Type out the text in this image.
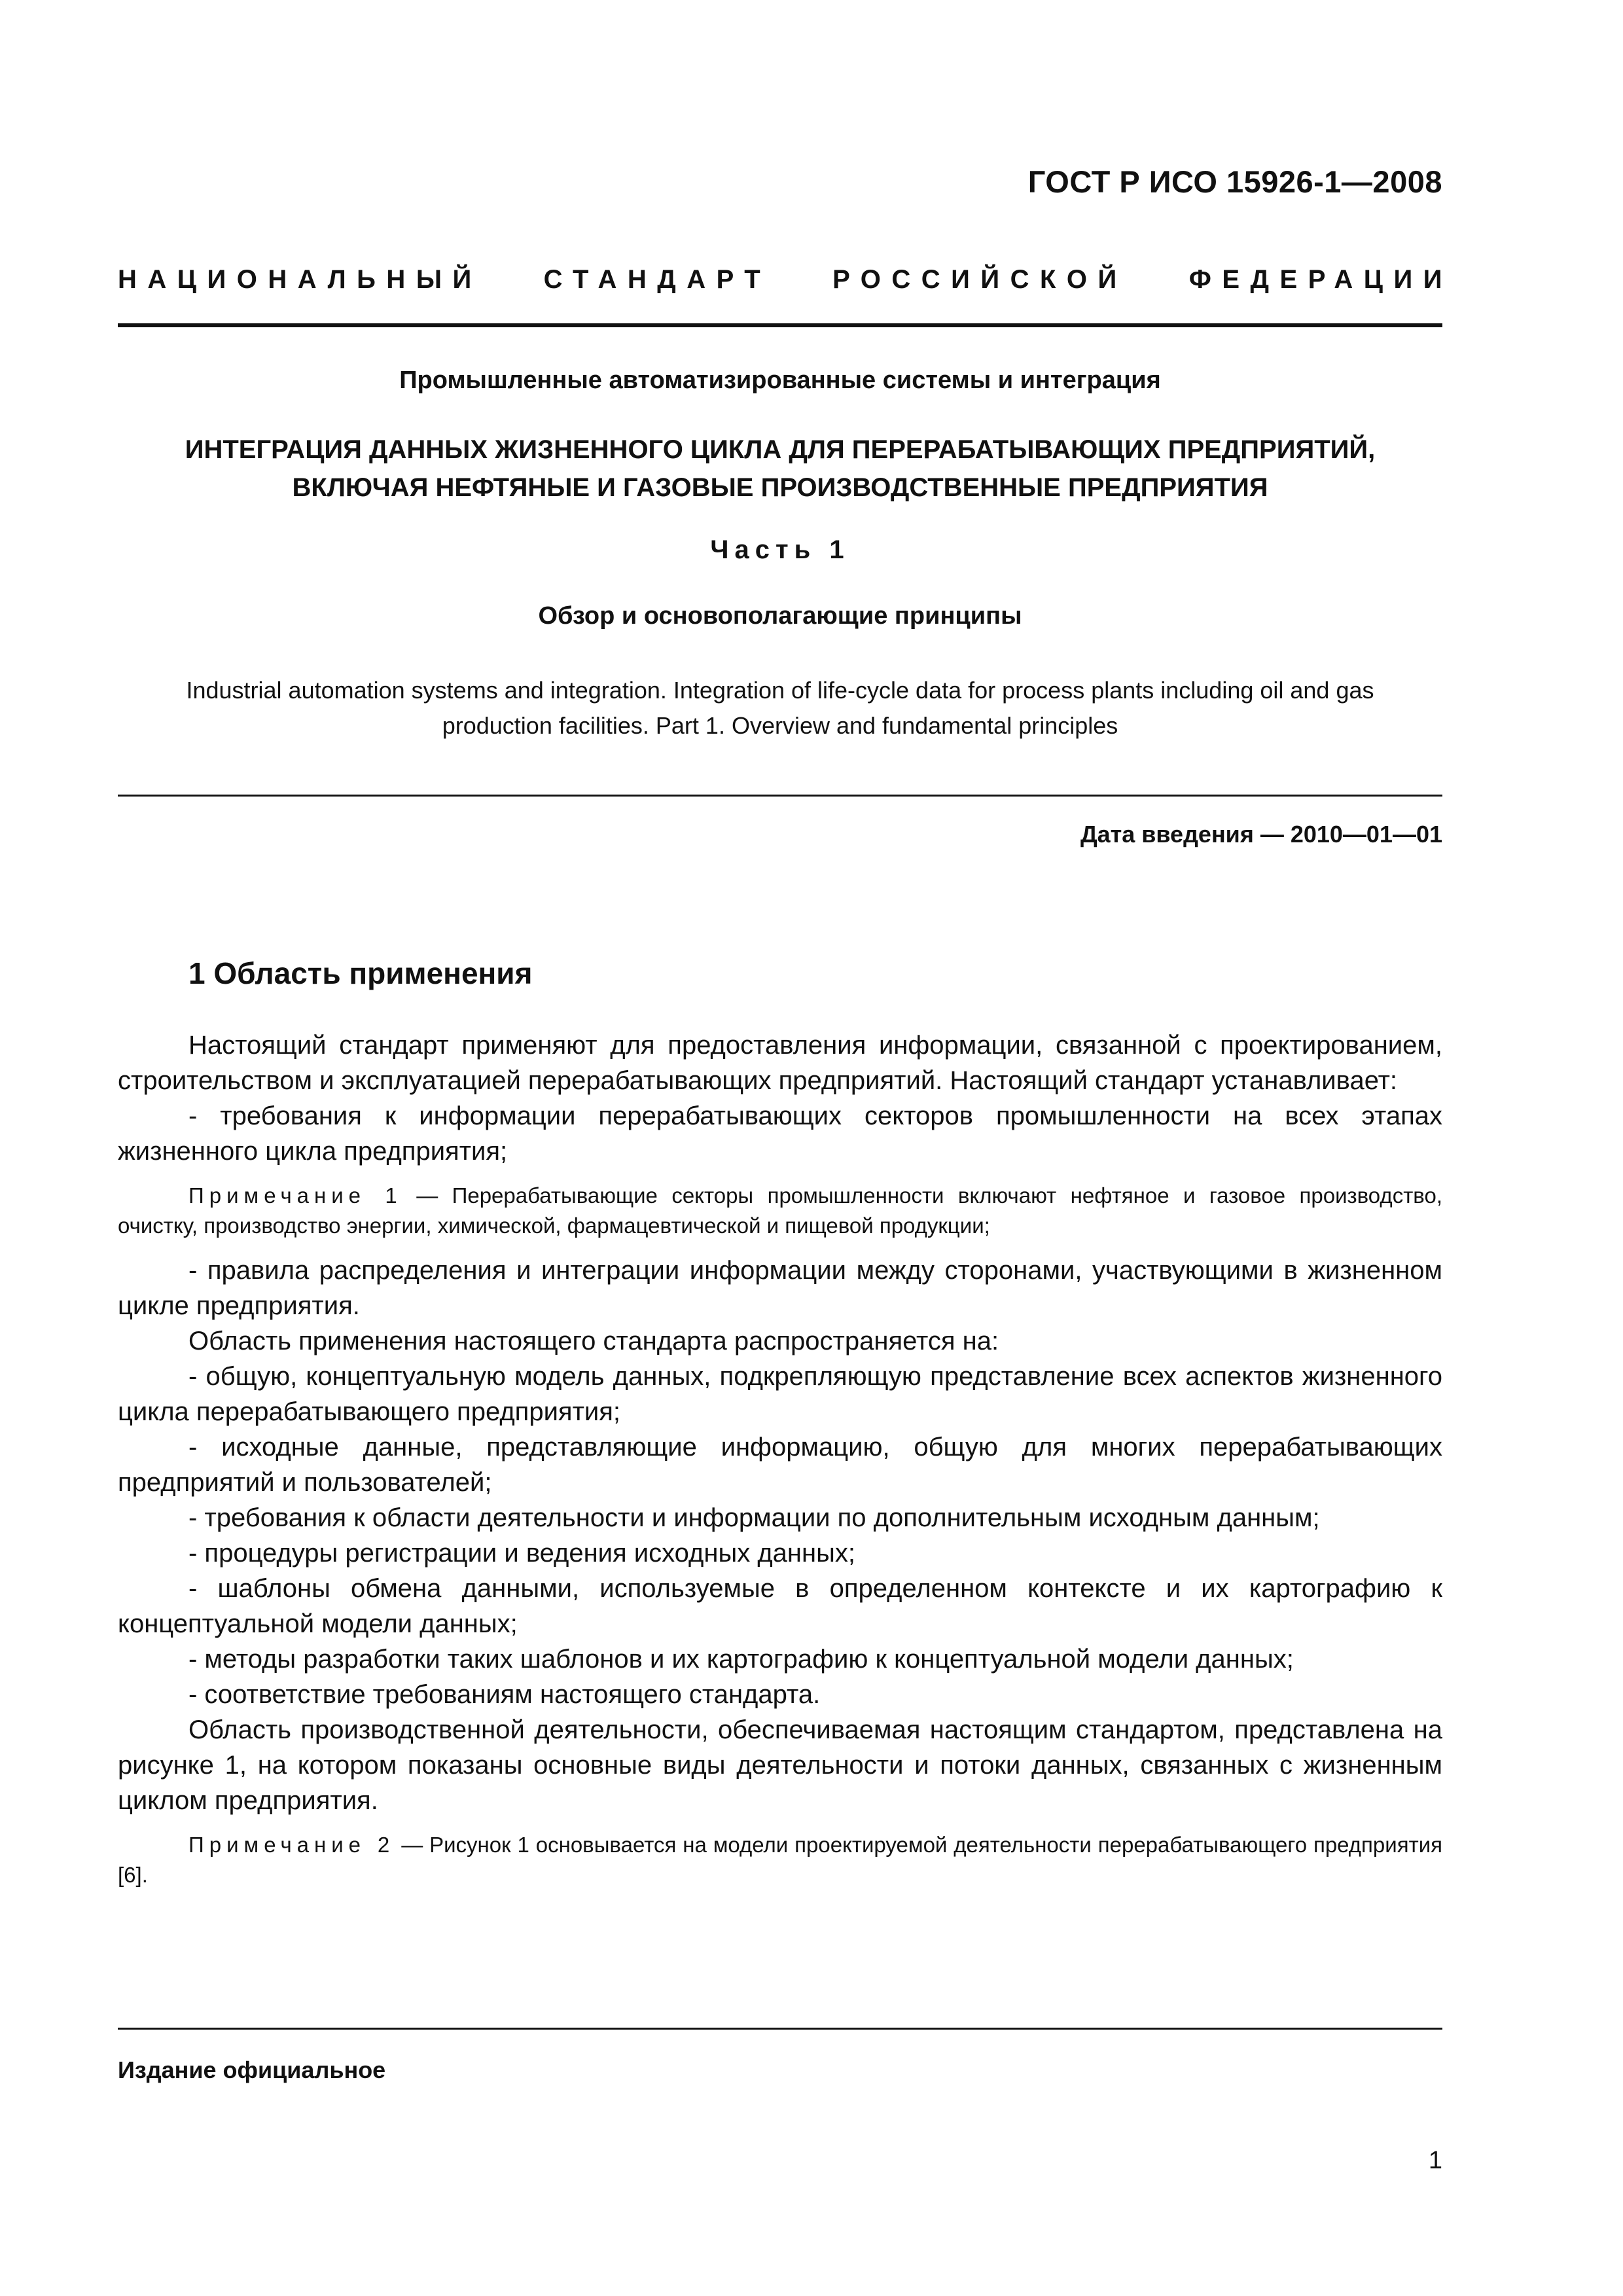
ГОСТ Р ИСО 15926-1—2008
НАЦИОНАЛЬНЫЙ СТАНДАРТ РОССИЙСКОЙ ФЕДЕРАЦИИ
Промышленные автоматизированные системы и интеграция
ИНТЕГРАЦИЯ ДАННЫХ ЖИЗНЕННОГО ЦИКЛА ДЛЯ ПЕРЕРАБАТЫВАЮЩИХ ПРЕДПРИЯТИЙ,
ВКЛЮЧАЯ НЕФТЯНЫЕ И ГАЗОВЫЕ ПРОИЗВОДСТВЕННЫЕ ПРЕДПРИЯТИЯ
Часть 1
Обзор и основополагающие принципы
Industrial automation systems and integration. Integration of life-cycle data for process plants including oil and gas
production facilities. Part 1. Overview and fundamental principles
Дата введения — 2010—01—01
1 Область применения

Настоящий стандарт применяют для предоставления информации, связанной с проектированием, строительством и эксплуатацией перерабатывающих предприятий. Настоящий стандарт устанавливает:

- требования к информации перерабатывающих секторов промышленности на всех этапах жизненного цикла предприятия;

Примечание 1 — Перерабатывающие секторы промышленности включают нефтяное и газовое производство, очистку, производство энергии, химической, фармацевтической и пищевой продукции;

- правила распределения и интеграции информации между сторонами, участвующими в жизненном цикле предприятия.

Область применения настоящего стандарта распространяется на:

- общую, концептуальную модель данных, подкрепляющую представление всех аспектов жизненного цикла перерабатывающего предприятия;

- исходные данные, представляющие информацию, общую для многих перерабатывающих предприятий и пользователей;

- требования к области деятельности и информации по дополнительным исходным данным;

- процедуры регистрации и ведения исходных данных;

- шаблоны обмена данными, используемые в определенном контексте и их картографию к концептуальной модели данных;

- методы разработки таких шаблонов и их картографию к концептуальной модели данных;

- соответствие требованиям настоящего стандарта.

Область производственной деятельности, обеспечиваемая настоящим стандартом, представлена на рисунке 1, на котором показаны основные виды деятельности и потоки данных, связанных с жизненным циклом предприятия.

Примечание 2 — Рисунок 1 основывается на модели проектируемой деятельности перерабатывающего предприятия [6].

Издание официальное
1
